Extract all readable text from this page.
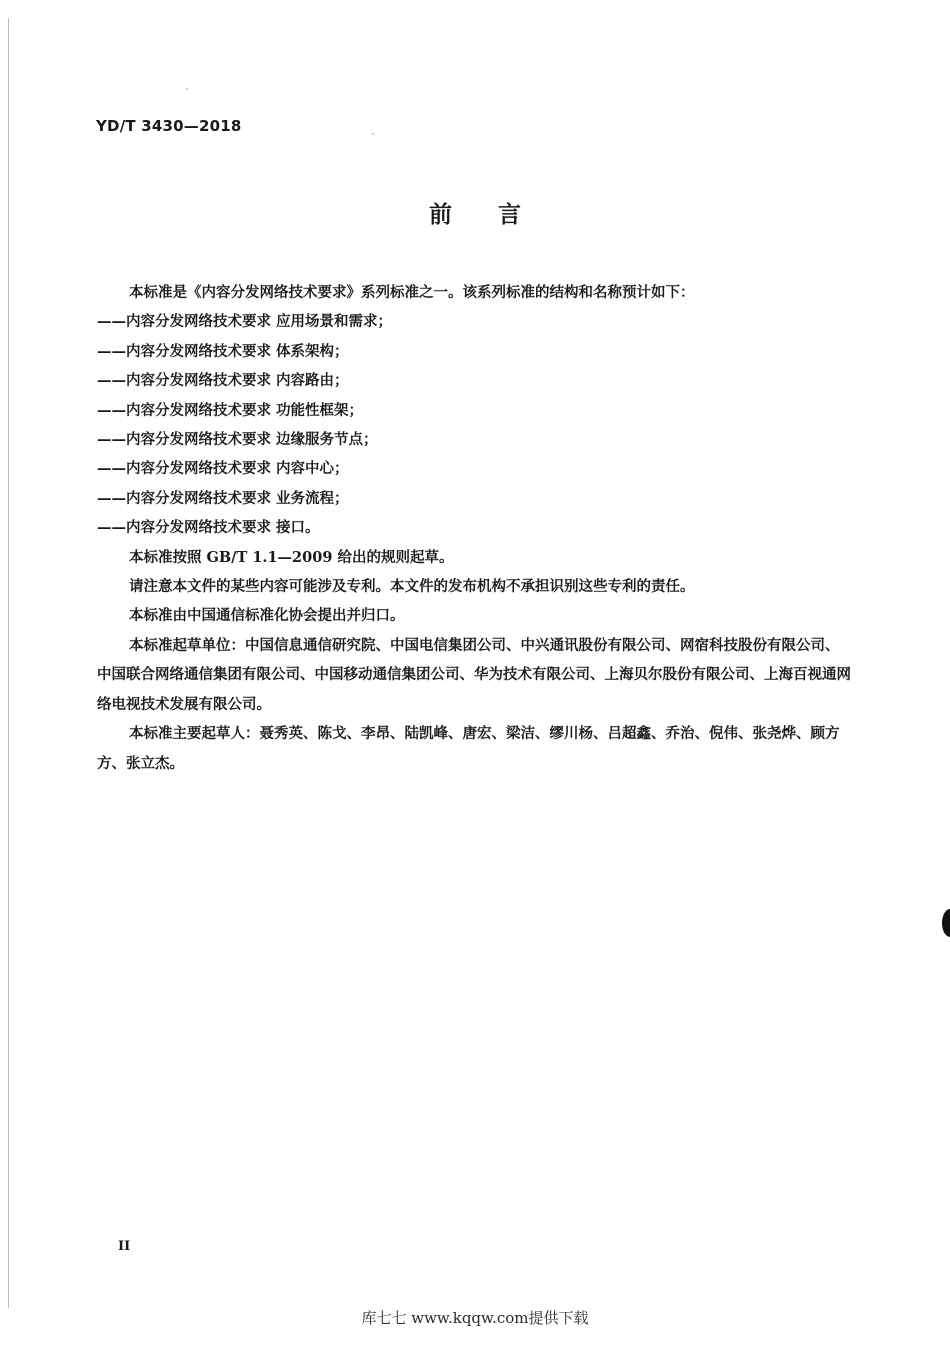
YD/T 3430—2018
前言

本标准是《内容分发网络技术要求》系列标准之一。该系列标准的结构和名称预计如下：

——内容分发网络技术要求 应用场景和需求；

——内容分发网络技术要求 体系架构；

——内容分发网络技术要求 内容路由；

——内容分发网络技术要求 功能性框架；

——内容分发网络技术要求 边缘服务节点；

——内容分发网络技术要求 内容中心；

——内容分发网络技术要求 业务流程；

——内容分发网络技术要求 接口。

本标准按照 GB/T 1.1—2009 给出的规则起草。

请注意本文件的某些内容可能涉及专利。本文件的发布机构不承担识别这些专利的责任。

本标准由中国通信标准化协会提出并归口。

本标准起草单位：中国信息通信研究院、中国电信集团公司、中兴通讯股份有限公司、网宿科技股份有限公司、中国联合网络通信集团有限公司、中国移动通信集团公司、华为技术有限公司、上海贝尔股份有限公司、上海百视通网络电视技术发展有限公司。

本标准主要起草人：聂秀英、陈戈、李昂、陆凯峰、唐宏、梁洁、缪川杨、吕超鑫、乔治、倪伟、张尧烨、顾方方、张立杰。

II
库七七 www.kqqw.com提供下载
